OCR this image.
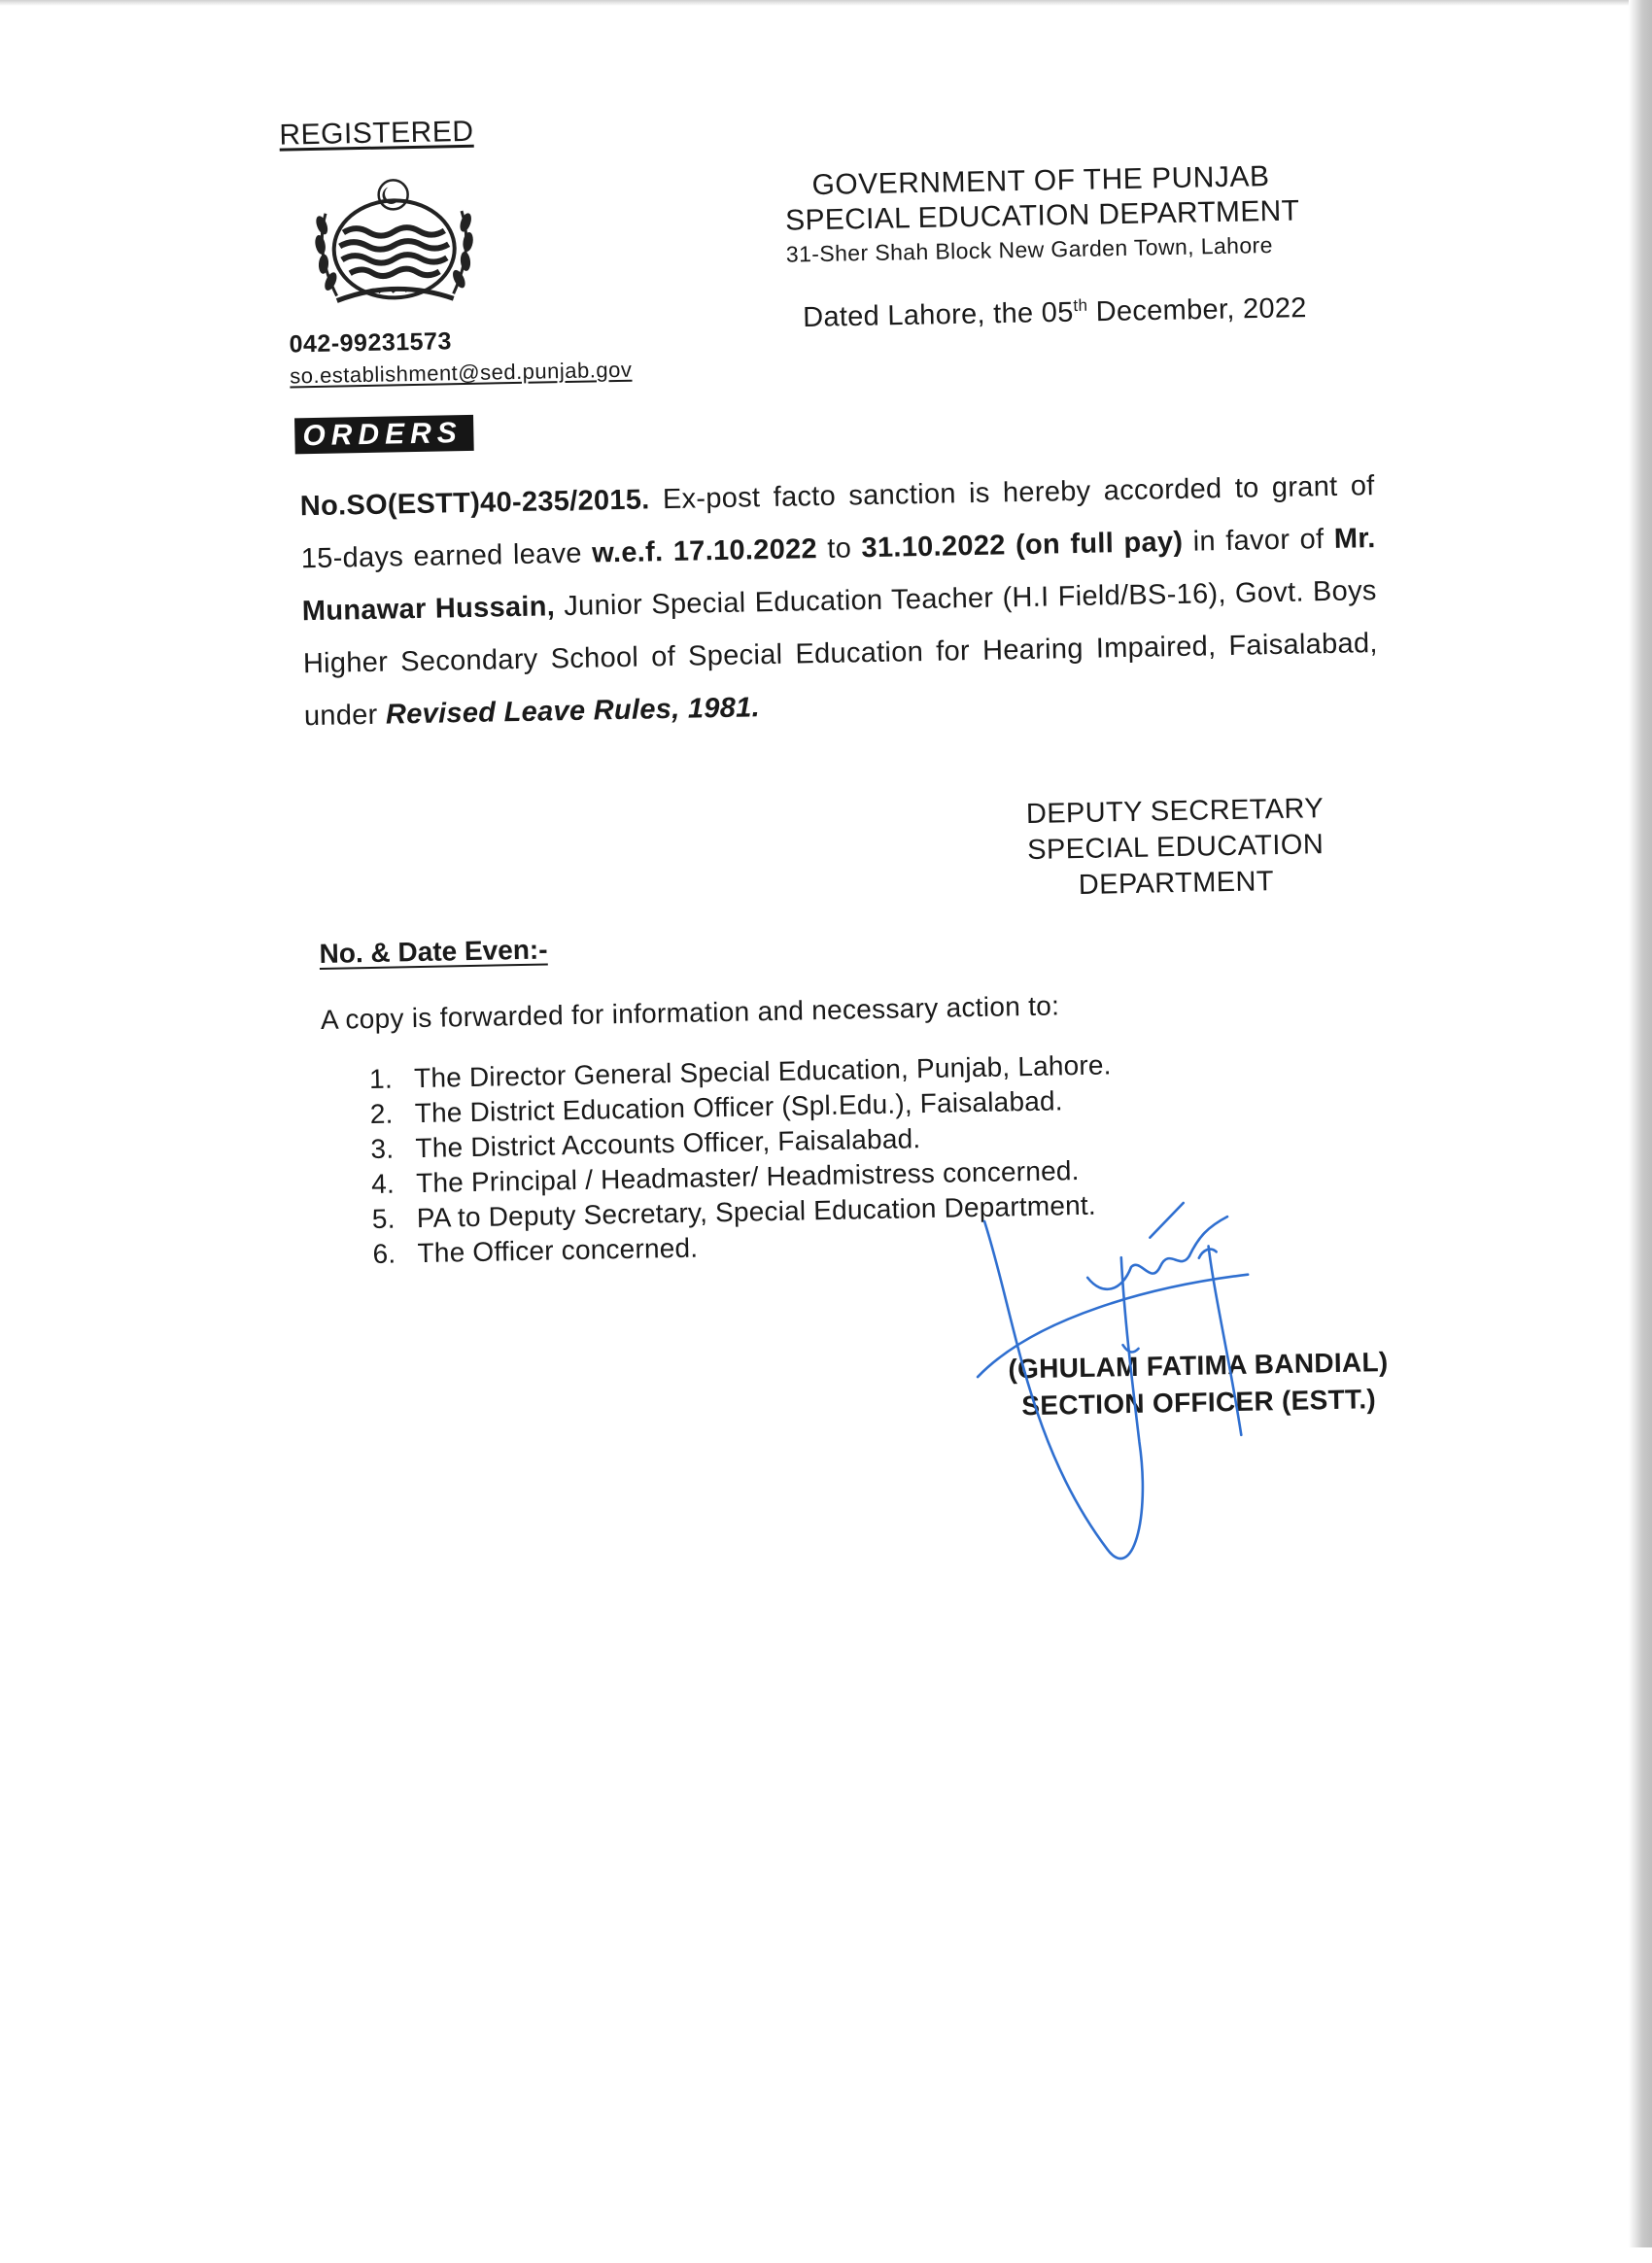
REGISTERED
042-99231573
so.establishment@sed.punjab.gov
GOVERNMENT OF THE PUNJAB
SPECIAL EDUCATION DEPARTMENT
31-Sher Shah Block New Garden Town, Lahore
Dated Lahore, the 05th December, 2022
ORDERS
No.SO(ESTT)40-235/2015. Ex-post facto sanction is hereby accorded to grant of 15-days earned leave w.e.f. 17.10.2022 to 31.10.2022 (on full pay) in favor of Mr. Munawar Hussain, Junior Special Education Teacher (H.I Field/BS-16), Govt. Boys Higher Secondary School of Special Education for Hearing Impaired, Faisalabad, under Revised Leave Rules, 1981.
DEPUTY SECRETARY
SPECIAL EDUCATION
DEPARTMENT
No. & Date Even:-
A copy is forwarded for information and necessary action to:
1. The Director General Special Education, Punjab, Lahore.
2. The District Education Officer (Spl.Edu.), Faisalabad.
3. The District Accounts Officer, Faisalabad.
4. The Principal / Headmaster/ Headmistress concerned.
5. PA to Deputy Secretary, Special Education Department.
6. The Officer concerned.
(GHULAM FATIMA BANDIAL)
SECTION OFFICER (ESTT.)
